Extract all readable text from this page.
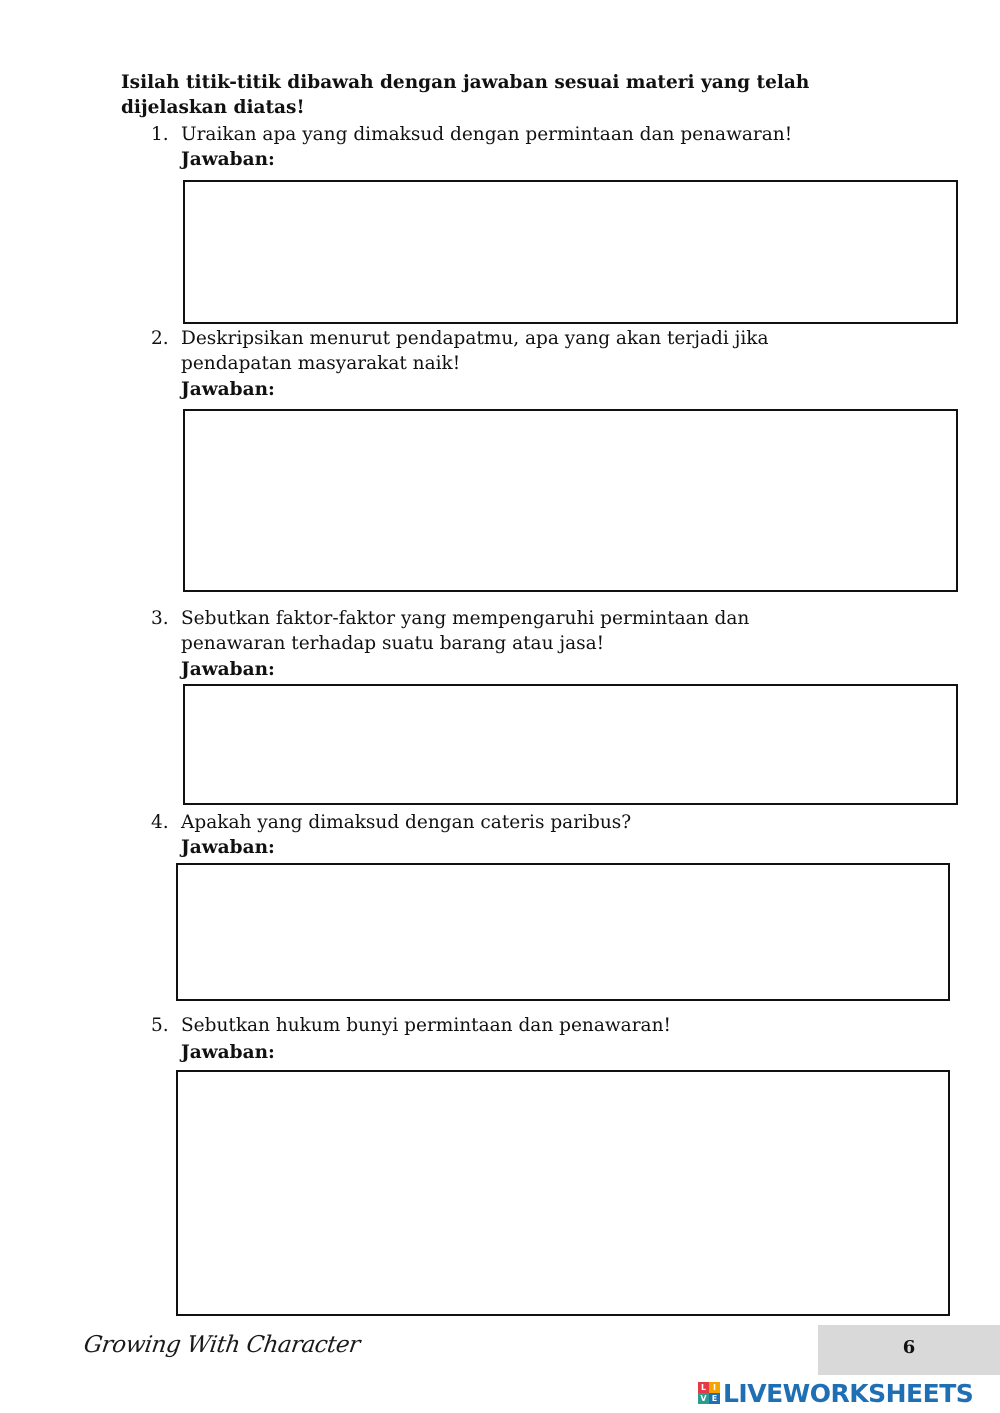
Isilah titik-titik dibawah dengan jawaban sesuai materi yang telah dijelaskan diatas!
1. Uraikan apa yang dimaksud dengan permintaan dan penawaran!
Jawaban:
2. Deskripsikan menurut pendapatmu, apa yang akan terjadi jika pendapatan masyarakat naik!
Jawaban:
3. Sebutkan faktor-faktor yang mempengaruhi permintaan dan penawaran terhadap suatu barang atau jasa!
Jawaban:
4. Apakah yang dimaksud dengan cateris paribus?
Jawaban:
5. Sebutkan hukum bunyi permintaan dan penawaran!
Jawaban:
Growing With Character	6
L I
V E LIVEWORKSHEETS
